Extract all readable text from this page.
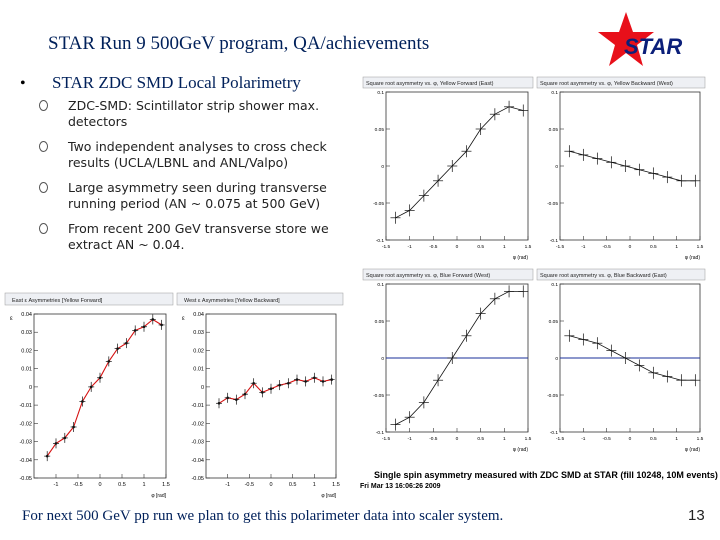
STAR Run 9 500GeV program, QA/achievements	STAR
• STAR ZDC SMD Local Polarimetry
ZDC-SMD: Scintillator strip shower max. detectors
Two independent analyses to cross check results (UCLA/LBNL and ANL/Valpo)
Large asymmetry seen during transverse running period (AN ~ 0.075 at 500 GeV)
From recent 200 GeV transverse store we extract AN ~ 0.04.
Square root asymmetry vs. φ, Yellow Forward (East)
0.1
0.05
0
-0.05
-0.1
-1.5	-1	-0.5	0	0.5	1	1.5
φ (rad)
Square root asymmetry vs. φ, Yellow Backward (West)
0.1
0.05
0
-0.05
-0.1
-1.5	-1	-0.5	0	0.5	1	1.5
φ (rad)
Square root asymmetry vs. φ, Blue Forward (West)
0.1
0.05
0
-0.05
-0.1
-1.5	-1	-0.5	0	0.5	1	1.5
φ (rad)
Square root asymmetry vs. φ, Blue Backward (East)
0.1
0.05
0
-0.05
-0.1
-1.5	-1	-0.5	0	0.5	1	1.5
φ (rad)
Single spin asymmetry measured with ZDC SMD at STAR (fill 10248, 10M events)
Fri Mar 13 16:06:26 2009
East ε Asymmetries [Yellow Forward]
0.04
0.03
0.02
0.01
0
-0.01
-0.02
-0.03
-0.04
-0.05
-1	-0.5	0	0.5	1	1.5
φ [rad]
ε
West ε Asymmetries [Yellow Backward]
0.04
0.03
0.02
0.01
0
-0.01
-0.02
-0.03
-0.04
-0.05
-1	-0.5	0	0.5	1	1.5
φ [rad]
ε
For next 500 GeV pp run we plan to get this polarimeter data into scaler system.	13
